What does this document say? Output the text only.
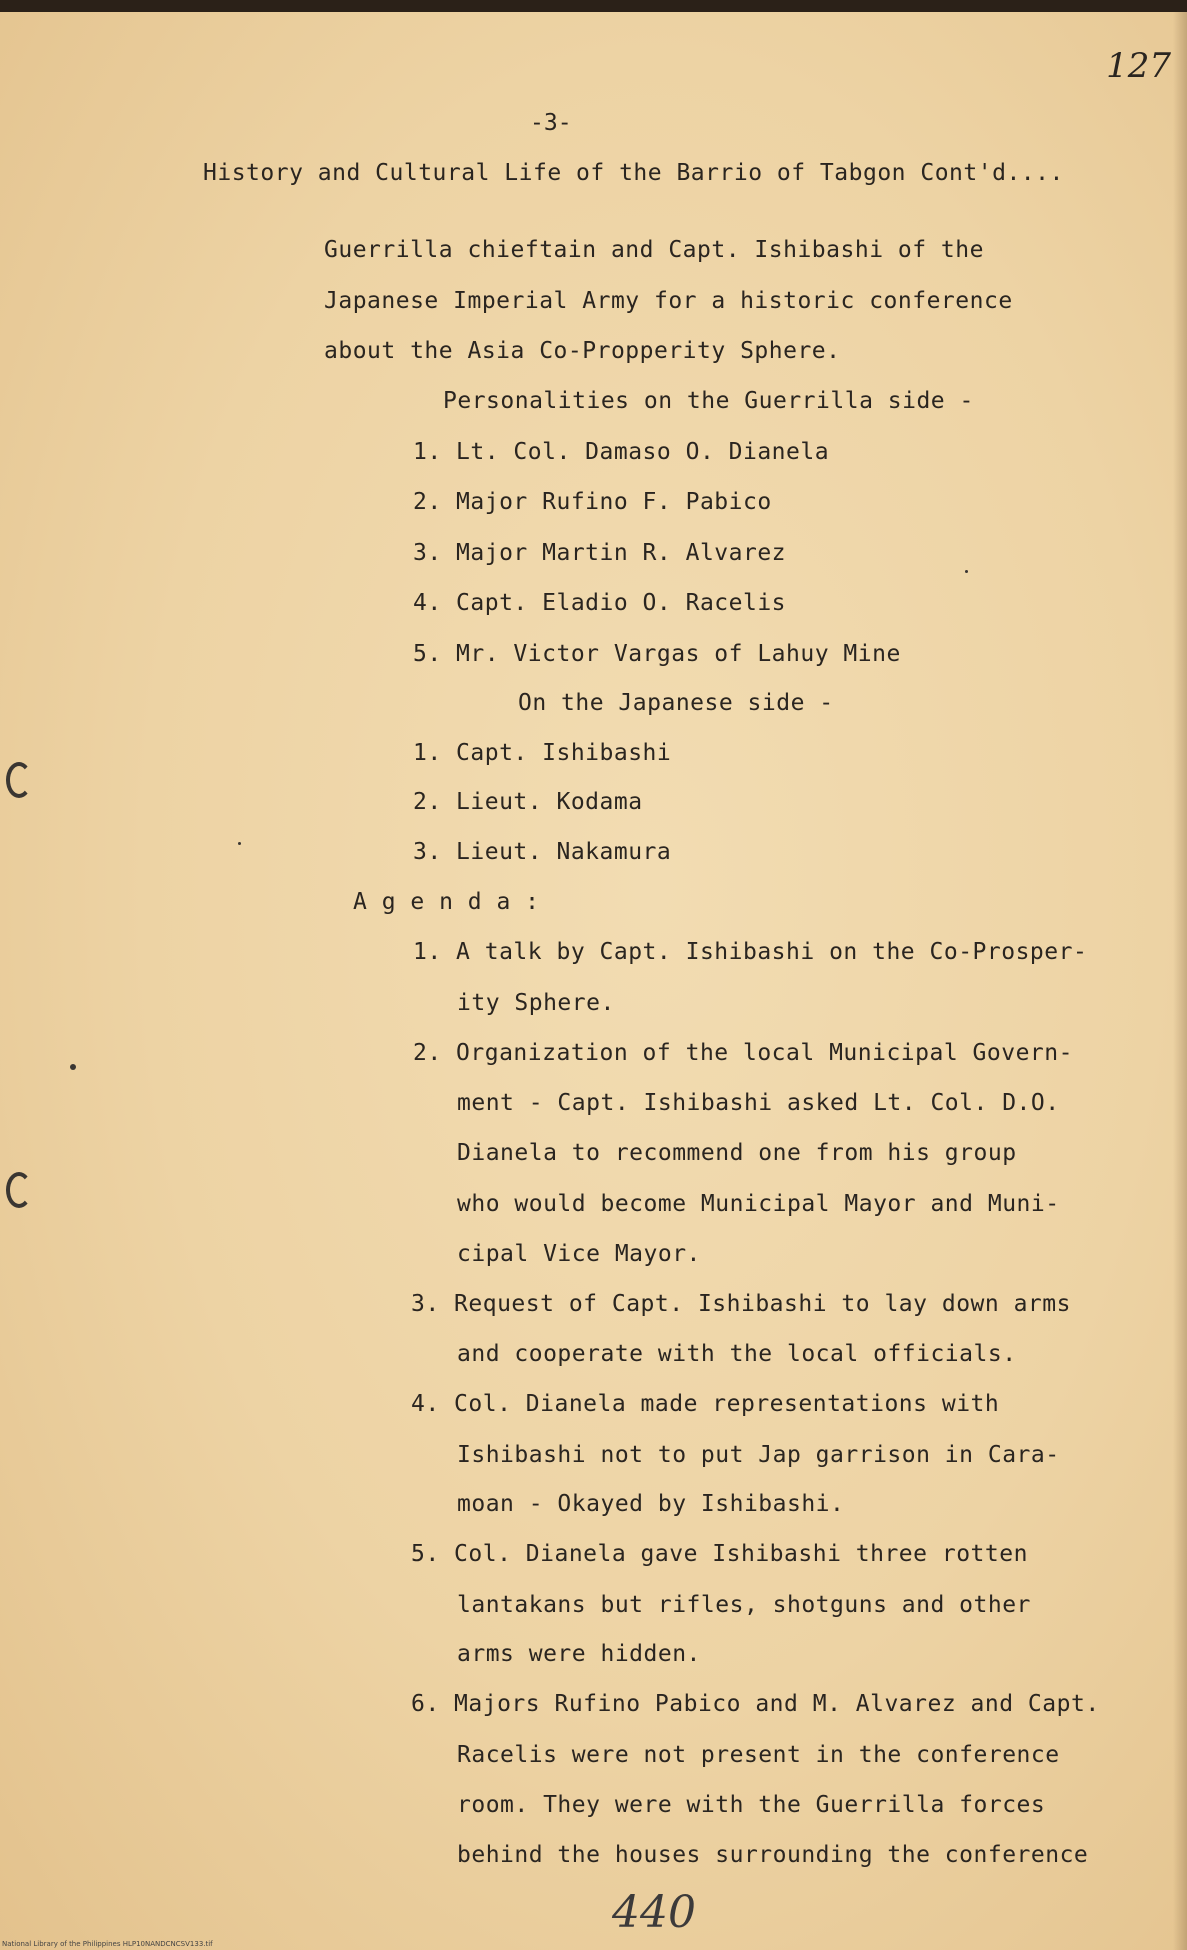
127
-3-
History and Cultural Life of the Barrio of Tabgon Cont'd....
Guerrilla chieftain and Capt. Ishibashi of the
Japanese Imperial Army for a historic conference
about the Asia Co-Propperity Sphere.
Personalities on the Guerrilla side -
1. Lt. Col. Damaso O. Dianela
2. Major Rufino F. Pabico
3. Major Martin R. Alvarez
4. Capt. Eladio O. Racelis
5. Mr. Victor Vargas of Lahuy Mine
On the Japanese side -
1. Capt. Ishibashi
2. Lieut. Kodama
3. Lieut. Nakamura
A g e n d a :
1. A talk by Capt. Ishibashi on the Co-Prosper-
ity Sphere.
2. Organization of the local Municipal Govern-
ment - Capt. Ishibashi asked Lt. Col. D.O.
Dianela to recommend one from his group
who would become Municipal Mayor and Muni-
cipal Vice Mayor.
3. Request of Capt. Ishibashi to lay down arms
and cooperate with the local officials.
4. Col. Dianela made representations with
Ishibashi not to put Jap garrison in Cara-
moan - Okayed by Ishibashi.
5. Col. Dianela gave Ishibashi three rotten
lantakans but rifles, shotguns and other
arms were hidden.
6. Majors Rufino Pabico and M. Alvarez and Capt.
Racelis were not present in the conference
room. They were with the Guerrilla forces
behind the houses surrounding the conference
440
National Library of the Philippines HLP10NANDCNCSV133.tif
